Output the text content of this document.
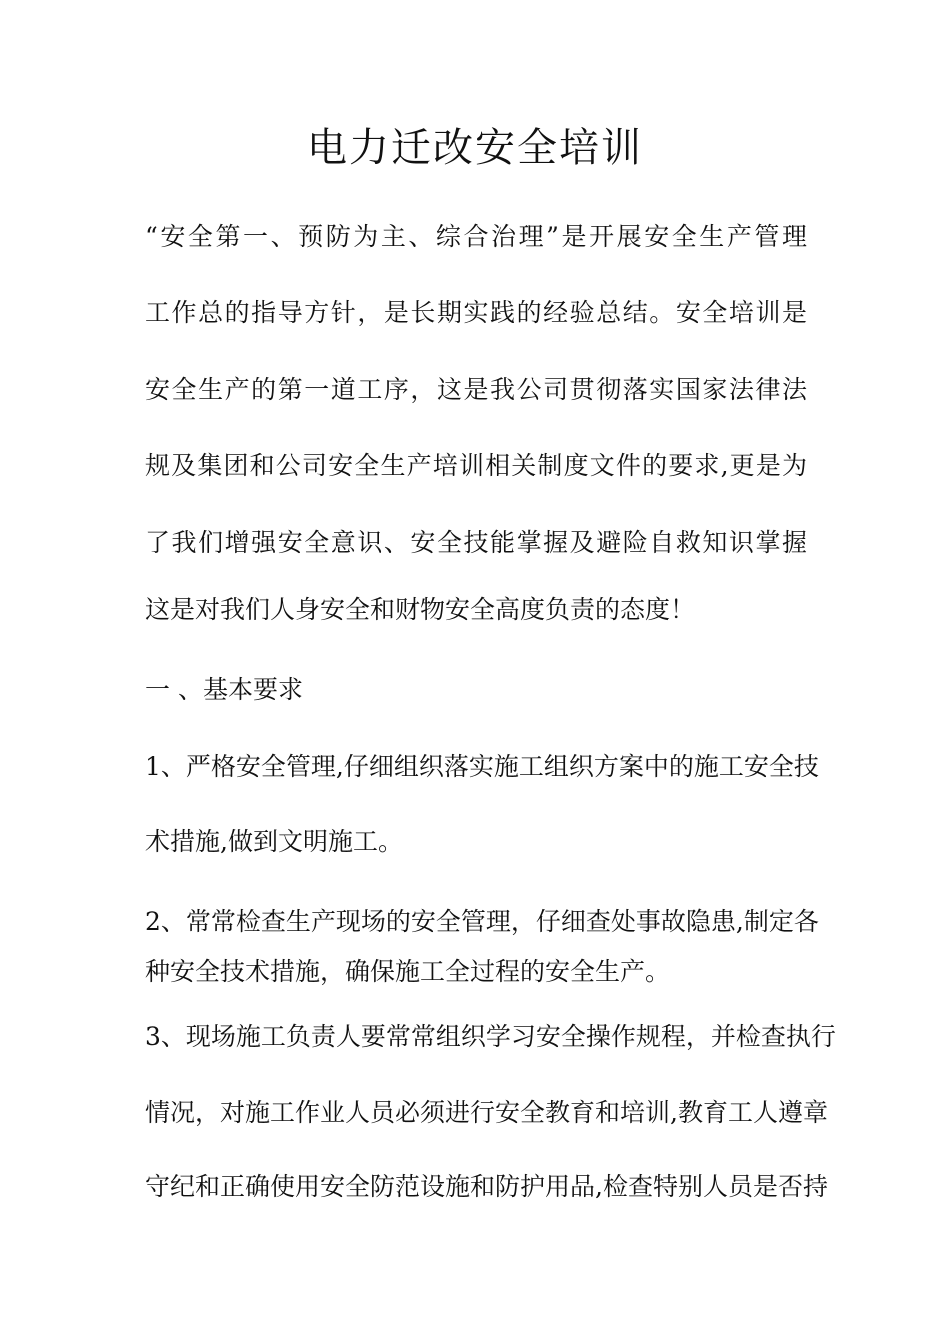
电力迁改安全培训
“安全第一、预防为主、综合治理”是开展安全生产管理
工作总的指导方针，是长期实践的经验总结。安全培训是
安全生产的第一道工序，这是我公司贯彻落实国家法律法
规及集团和公司安全生产培训相关制度文件的要求,更是为
了我们增强安全意识、安全技能掌握及避险自救知识掌握
这是对我们人身安全和财物安全高度负责的态度！
一 、基本要求
1、严格安全管理,仔细组织落实施工组织方案中的施工安全技
术措施,做到文明施工。
2、常常检查生产现场的安全管理，仔细查处事故隐患,制定各
种安全技术措施，确保施工全过程的安全生产。
3、现场施工负责人要常常组织学习安全操作规程，并检查执行
情况，对施工作业人员必须进行安全教育和培训,教育工人遵章
守纪和正确使用安全防范设施和防护用品,检查特别人员是否持
